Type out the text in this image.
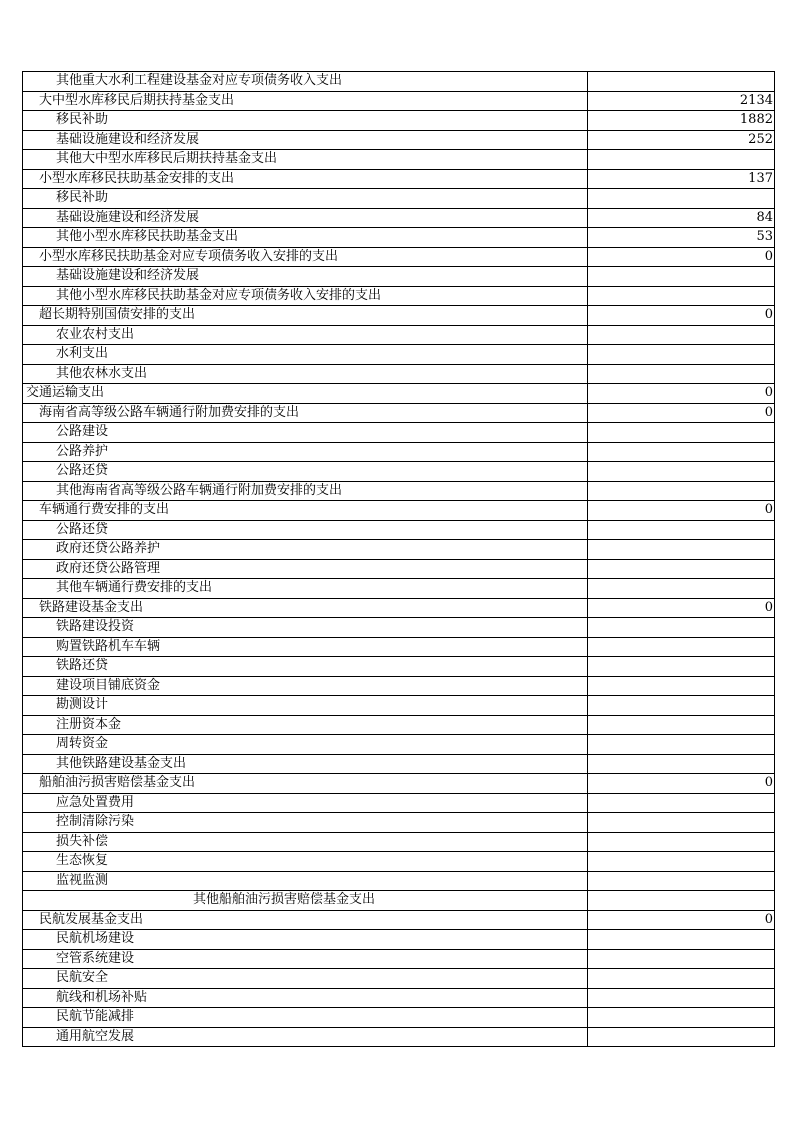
其他重大水利工程建设基金对应专项债务收入支出	
大中型水库移民后期扶持基金支出	2134
移民补助	1882
基础设施建设和经济发展	252
其他大中型水库移民后期扶持基金支出	
小型水库移民扶助基金安排的支出	137
移民补助	
基础设施建设和经济发展	84
其他小型水库移民扶助基金支出	53
小型水库移民扶助基金对应专项债务收入安排的支出	0
基础设施建设和经济发展	
其他小型水库移民扶助基金对应专项债务收入安排的支出	
超长期特别国债安排的支出	0
农业农村支出	
水利支出	
其他农林水支出	
交通运输支出	0
海南省高等级公路车辆通行附加费安排的支出	0
公路建设	
公路养护	
公路还贷	
其他海南省高等级公路车辆通行附加费安排的支出	
车辆通行费安排的支出	0
公路还贷	
政府还贷公路养护	
政府还贷公路管理	
其他车辆通行费安排的支出	
铁路建设基金支出	0
铁路建设投资	
购置铁路机车车辆	
铁路还贷	
建设项目铺底资金	
勘测设计	
注册资本金	
周转资金	
其他铁路建设基金支出	
船舶油污损害赔偿基金支出	0
应急处置费用	
控制清除污染	
损失补偿	
生态恢复	
监视监测	
其他船舶油污损害赔偿基金支出	
民航发展基金支出	0
民航机场建设	
空管系统建设	
民航安全	
航线和机场补贴	
民航节能减排	
通用航空发展	
